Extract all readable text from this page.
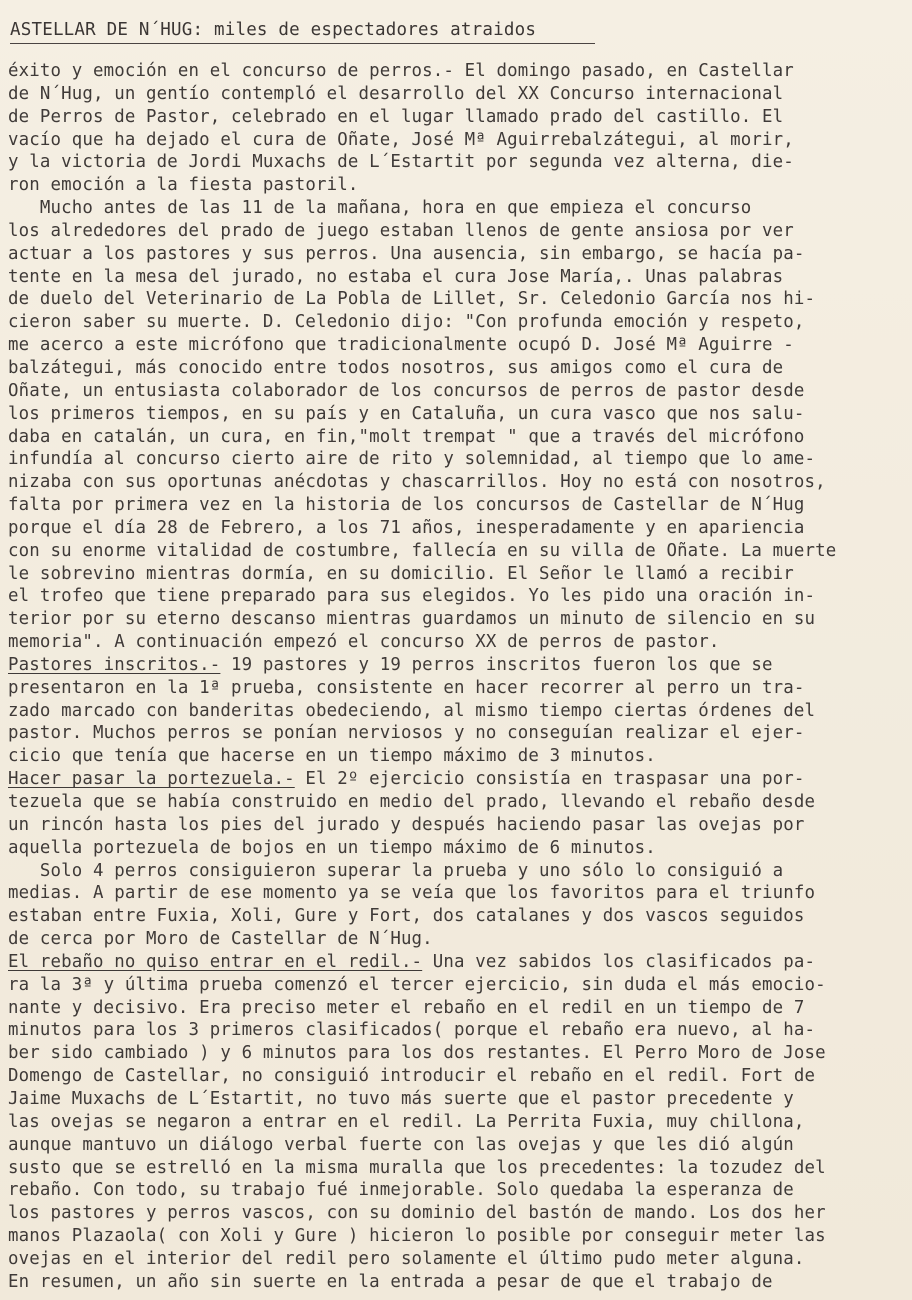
ASTELLAR DE N´HUG: miles de espectadores atraidos
éxito y emoción en el concurso de perros.- El domingo pasado, en Castellar
de N´Hug, un gentío contempló el desarrollo del XX Concurso internacional
de Perros de Pastor, celebrado en el lugar llamado prado del castillo. El
vacío que ha dejado el cura de Oñate, José Mª Aguirrebalzátegui, al morir,
y la victoria de Jordi Muxachs de L´Estartit por segunda vez alterna, die-
ron emoción a la fiesta pastoril.
Mucho antes de las 11 de la mañana, hora en que empieza el concurso
los alrededores del prado de juego estaban llenos de gente ansiosa por ver
actuar a los pastores y sus perros. Una ausencia, sin embargo, se hacía pa-
tente en la mesa del jurado, no estaba el cura Jose María,. Unas palabras
de duelo del Veterinario de La Pobla de Lillet, Sr. Celedonio García nos hi-
cieron saber su muerte. D. Celedonio dijo: "Con profunda emoción y respeto,
me acerco a este micrófono que tradicionalmente ocupó D. José Mª Aguirre -
balzátegui, más conocido entre todos nosotros, sus amigos como el cura de
Oñate, un entusiasta colaborador de los concursos de perros de pastor desde
los primeros tiempos, en su país y en Cataluña, un cura vasco que nos salu-
daba en catalán, un cura, en fin,"molt trempat " que a través del micrófono
infundía al concurso cierto aire de rito y solemnidad, al tiempo que lo ame-
nizaba con sus oportunas anécdotas y chascarrillos. Hoy no está con nosotros,
falta por primera vez en la historia de los concursos de Castellar de N´Hug
porque el día 28 de Febrero, a los 71 años, inesperadamente y en apariencia
con su enorme vitalidad de costumbre, fallecía en su villa de Oñate. La muerte
le sobrevino mientras dormía, en su domicilio. El Señor le llamó a recibir
el trofeo que tiene preparado para sus elegidos. Yo les pido una oración in-
terior por su eterno descanso mientras guardamos un minuto de silencio en su
memoria". A continuación empezó el concurso XX de perros de pastor.
Pastores inscritos.- 19 pastores y 19 perros inscritos fueron los que se
presentaron en la 1ª prueba, consistente en hacer recorrer al perro un tra-
zado marcado con banderitas obedeciendo, al mismo tiempo ciertas órdenes del
pastor. Muchos perros se ponían nerviosos y no conseguían realizar el ejer-
cicio que tenía que hacerse en un tiempo máximo de 3 minutos.
Hacer pasar la portezuela.- El 2º ejercicio consistía en traspasar una por-
tezuela que se había construido en medio del prado, llevando el rebaño desde
un rincón hasta los pies del jurado y después haciendo pasar las ovejas por
aquella portezuela de bojos en un tiempo máximo de 6 minutos.
Solo 4 perros consiguieron superar la prueba y uno sólo lo consiguió a
medias. A partir de ese momento ya se veía que los favoritos para el triunfo
estaban entre Fuxia, Xoli, Gure y Fort, dos catalanes y dos vascos seguidos
de cerca por Moro de Castellar de N´Hug.
El rebaño no quiso entrar en el redil.- Una vez sabidos los clasificados pa-
ra la 3ª y última prueba comenzó el tercer ejercicio, sin duda el más emocio-
nante y decisivo. Era preciso meter el rebaño en el redil en un tiempo de 7
minutos para los 3 primeros clasificados( porque el rebaño era nuevo, al ha-
ber sido cambiado ) y 6 minutos para los dos restantes. El Perro Moro de Jose
Domengo de Castellar, no consiguió introducir el rebaño en el redil. Fort de
Jaime Muxachs de L´Estartit, no tuvo más suerte que el pastor precedente y
las ovejas se negaron a entrar en el redil. La Perrita Fuxia, muy chillona,
aunque mantuvo un diálogo verbal fuerte con las ovejas y que les dió algún
susto que se estrelló en la misma muralla que los precedentes: la tozudez del
rebaño. Con todo, su trabajo fué inmejorable. Solo quedaba la esperanza de
los pastores y perros vascos, con su dominio del bastón de mando. Los dos her
manos Plazaola( con Xoli y Gure ) hicieron lo posible por conseguir meter las
ovejas en el interior del redil pero solamente el último pudo meter alguna.
En resumen, un año sin suerte en la entrada a pesar de que el trabajo de
